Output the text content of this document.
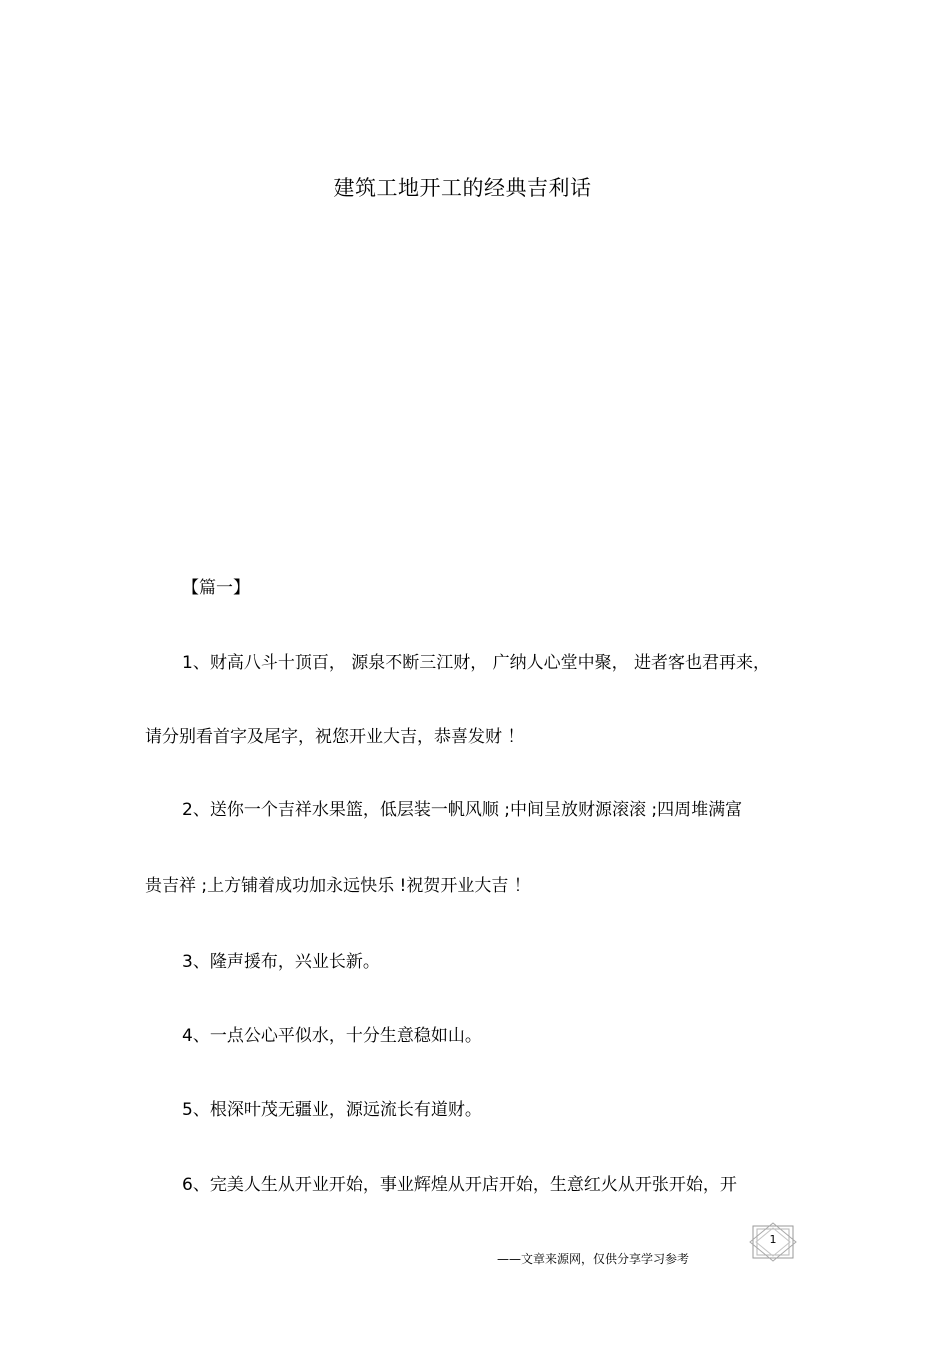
建筑工地开工的经典吉利话
【篇一】
1、财高八斗十顶百， 源泉不断三江财， 广纳人心堂中聚， 进者客也君再来，
请分别看首字及尾字，祝您开业大吉，恭喜发财 ！
2、送你一个吉祥水果篮，低层装一帆风顺 ;中间呈放财源滚滚 ;四周堆满富
贵吉祥 ;上方铺着成功加永远快乐 !祝贺开业大吉 ！
3、隆声援布，兴业长新。
4、一点公心平似水，十分生意稳如山。
5、根深叶茂无疆业，源远流长有道财。
6、完美人生从开业开始，事业辉煌从开店开始，生意红火从开张开始，开
1
——文章来源网，仅供分享学习参考
